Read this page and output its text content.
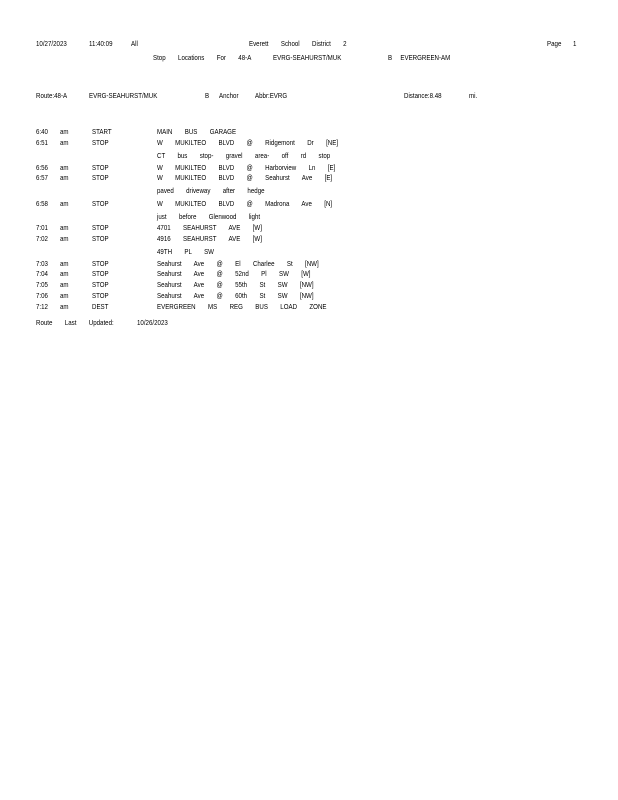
10/27/2023	11:40:09 All	Everett School District 2	Page 1
Stop Locations For 48-A	EVRG-SEAHURST/MUK	B EVERGREEN-AM
Route:48-A	EVRG-SEAHURST/MUK	B Anchor Abbr:EVRG	Distance:8.48	mi.
6:40 am	START	MAIN BUS GARAGE
6:51 am	STOP	W MUKILTEO BLVD @ Ridgemont Dr [NE]
CT bus stop- gravel area- off rd stop
6:56 am	STOP	W MUKILTEO BLVD @ Harborview Ln [E]
6:57 am	STOP	W MUKILTEO BLVD @ Seahurst Ave [E]
paved driveway after hedge
6:58 am	STOP	W MUKILTEO BLVD @ Madrona Ave [N]
just before Glenwood light
7:01 am	STOP	4701 SEAHURST AVE [W]
7:02 am	STOP	4916 SEAHURST AVE [W]
49TH PL SW
7:03 am	STOP	Seahurst Ave @ El Charlee St [NW]
7:04 am	STOP	Seahurst Ave @ 52nd Pl SW [W]
7:05 am	STOP	Seahurst Ave @ 55th St SW [NW]
7:06 am	STOP	Seahurst Ave @ 60th St SW [NW]
7:12 am	DEST	EVERGREEN MS REG BUS LOAD ZONE
Route Last Updated:	10/26/2023
